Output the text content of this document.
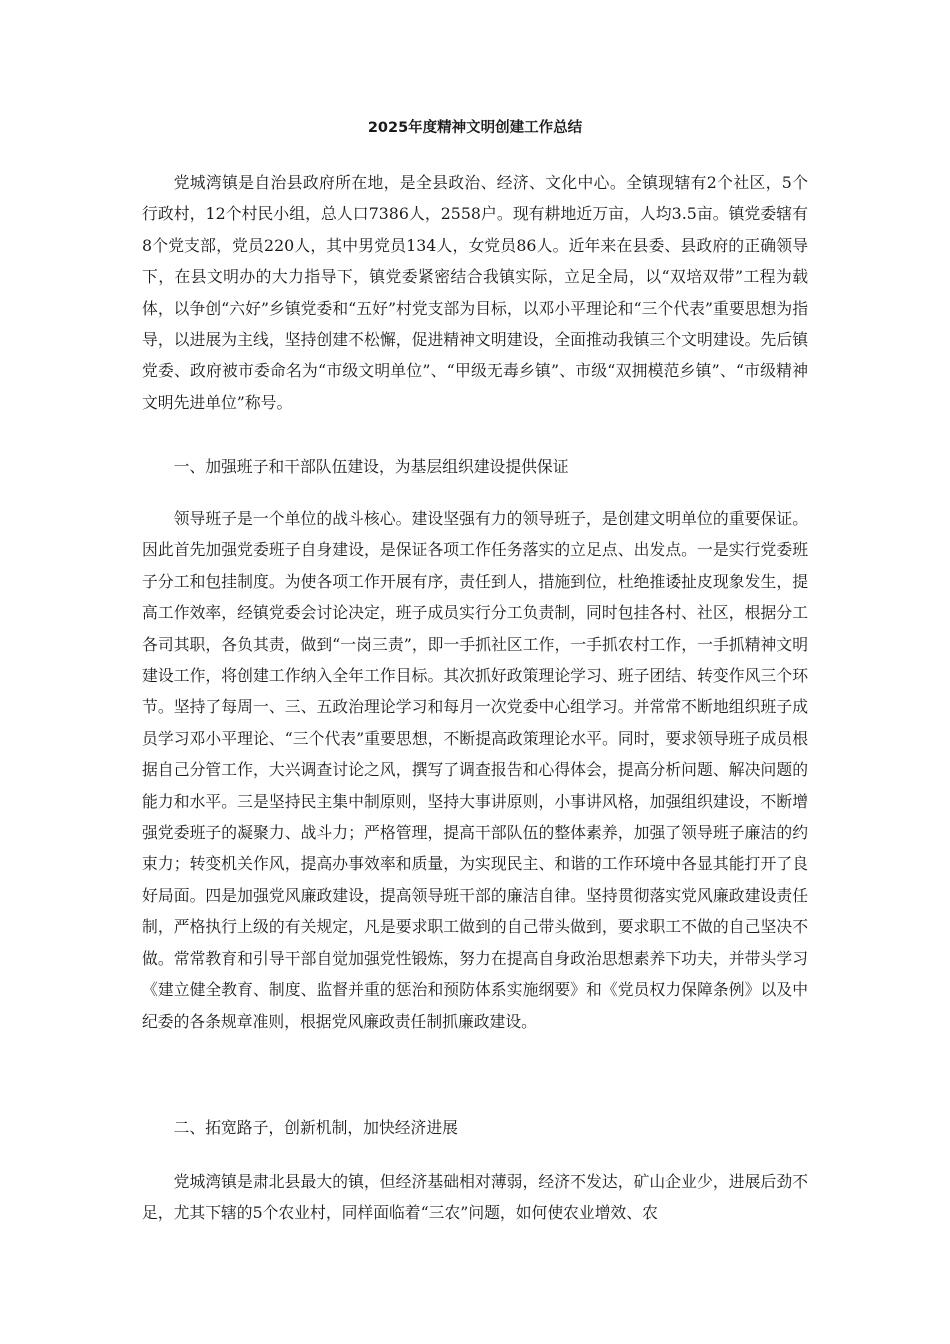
2025年度精神文明创建工作总结

党城湾镇是自治县政府所在地，是全县政治、经济、文化中心。全镇现辖有2个社区，5个行政村，12个村民小组，总人口7386人，2558户。现有耕地近万亩，人均3.5亩。镇党委辖有8个党支部，党员220人，其中男党员134人，女党员86人。近年来在县委、县政府的正确领导下，在县文明办的大力指导下，镇党委紧密结合我镇实际，立足全局，以“双培双带”工程为载体，以争创“六好”乡镇党委和“五好”村党支部为目标，以邓小平理论和“三个代表”重要思想为指导，以进展为主线，坚持创建不松懈，促进精神文明建设，全面推动我镇三个文明建设。先后镇党委、政府被市委命名为“市级文明单位”、“甲级无毒乡镇”、市级“双拥模范乡镇”、“市级精神文明先进单位”称号。

一、加强班子和干部队伍建设，为基层组织建设提供保证

领导班子是一个单位的战斗核心。建设坚强有力的领导班子，是创建文明单位的重要保证。因此首先加强党委班子自身建设，是保证各项工作任务落实的立足点、出发点。一是实行党委班子分工和包挂制度。为使各项工作开展有序，责任到人，措施到位，杜绝推诿扯皮现象发生，提高工作效率，经镇党委会讨论决定，班子成员实行分工负责制，同时包挂各村、社区，根据分工各司其职，各负其责，做到“一岗三责”，即一手抓社区工作，一手抓农村工作，一手抓精神文明建设工作，将创建工作纳入全年工作目标。其次抓好政策理论学习、班子团结、转变作风三个环节。坚持了每周一、三、五政治理论学习和每月一次党委中心组学习。并常常不断地组织班子成员学习邓小平理论、“三个代表”重要思想，不断提高政策理论水平。同时，要求领导班子成员根据自己分管工作，大兴调查讨论之风，撰写了调查报告和心得体会，提高分析问题、解决问题的能力和水平。三是坚持民主集中制原则，坚持大事讲原则，小事讲风格，加强组织建设，不断增强党委班子的凝聚力、战斗力；严格管理，提高干部队伍的整体素养，加强了领导班子廉洁的约束力；转变机关作风，提高办事效率和质量，为实现民主、和谐的工作环境中各显其能打开了良好局面。四是加强党风廉政建设，提高领导班干部的廉洁自律。坚持贯彻落实党风廉政建设责任制，严格执行上级的有关规定，凡是要求职工做到的自己带头做到，要求职工不做的自己坚决不做。常常教育和引导干部自觉加强党性锻炼，努力在提高自身政治思想素养下功夫，并带头学习《建立健全教育、制度、监督并重的惩治和预防体系实施纲要》和《党员权力保障条例》以及中纪委的各条规章准则，根据党风廉政责任制抓廉政建设。

二、拓宽路子，创新机制，加快经济进展

党城湾镇是肃北县最大的镇，但经济基础相对薄弱，经济不发达，矿山企业少，进展后劲不足，尤其下辖的5个农业村，同样面临着“三农”问题，如何使农业增效、农
